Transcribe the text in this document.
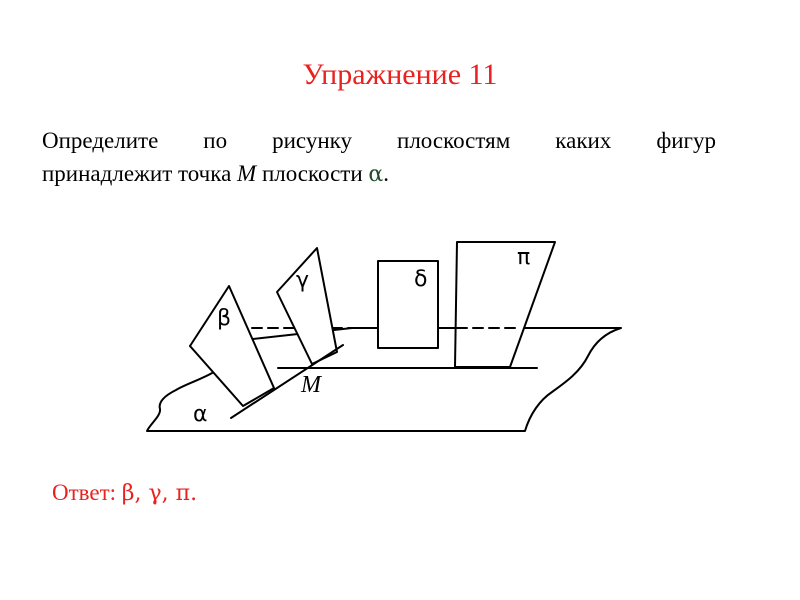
Упражнение 11
Определите по рисунку плоскостям каких фигур
принадлежит точка M плоскости α.
α
β
γ	δ
π
M
Ответ: β, γ, π.
